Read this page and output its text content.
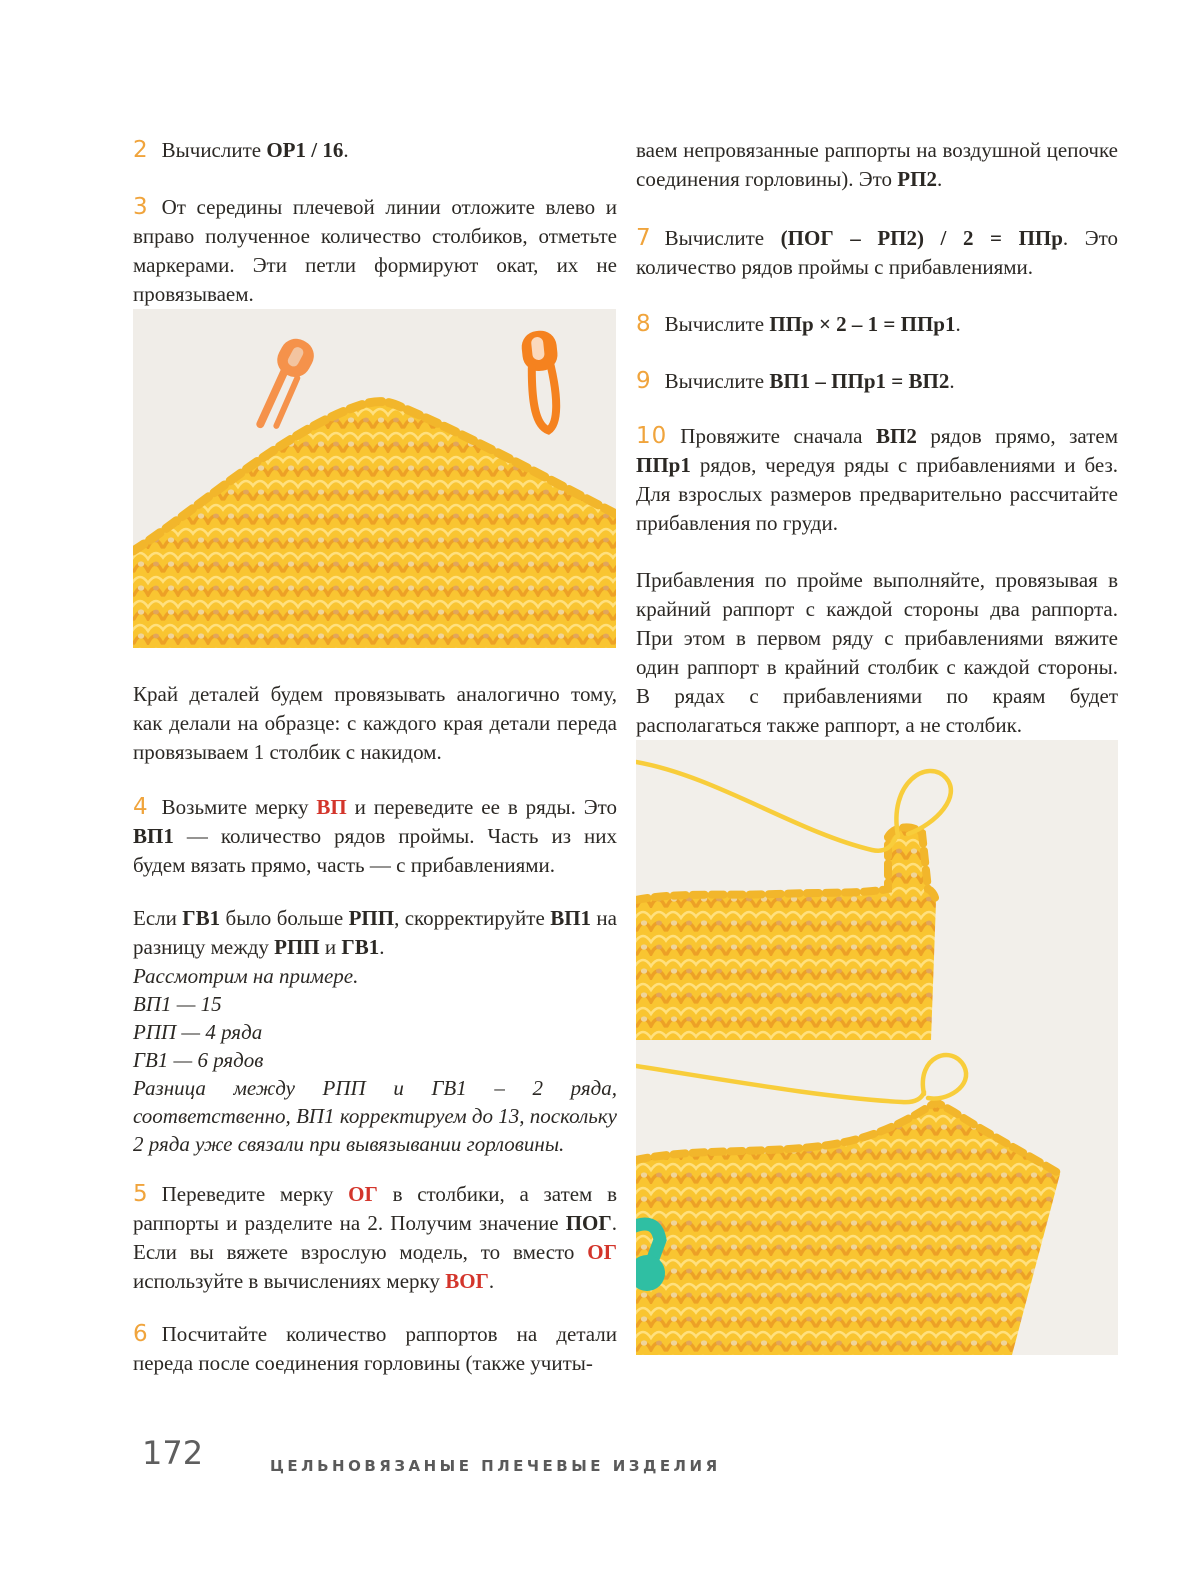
2 Вычислите ОР1 / 16.

3 От середины плечевой линии отложите влево и вправо полученное количество столбиков, отметьте маркерами. Эти петли формируют окат, их не провязываем.

Край деталей будем провязывать аналогично тому, как делали на образце: с каждого края детали переда провязываем 1 столбик с накидом.

4 Возьмите мерку ВП и переведите ее в ряды. Это ВП1 — количество рядов проймы. Часть из них будем вязать прямо, часть — с прибавлениями.

Если ГВ1 было больше РПП, скорректируйте ВП1 на разницу между РПП и ГВ1.

Рассмотрим на примере.

ВП1 — 15

РПП — 4 ряда

ГВ1 — 6 рядов

Разница между РПП и ГВ1 – 2 ряда, соответственно, ВП1 корректируем до 13, поскольку 2 ряда уже связали при вывязывании горловины.

5 Переведите мерку ОГ в столбики, а затем в раппорты и разделите на 2. Получим значение ПОГ. Если вы вяжете взрослую модель, то вместо ОГ используйте в вычислениях мерку ВОГ.

6 Посчитайте количество раппортов на детали переда после соединения горловины (также учиты-

ваем непровязанные раппорты на воздушной цепочке соединения горловины). Это РП2.

7 Вычислите (ПОГ – РП2) / 2 = ППр. Это количество рядов проймы с прибавлениями.

8 Вычислите ППр × 2 – 1 = ППр1.

9 Вычислите ВП1 – ППр1 = ВП2.

10 Провяжите сначала ВП2 рядов прямо, затем ППр1 рядов, чередуя ряды с прибавлениями и без. Для взрослых размеров предварительно рассчитайте прибавления по груди.

Прибавления по пройме выполняйте, провязывая в крайний раппорт с каждой стороны два раппорта. При этом в первом ряду с прибавлениями вяжите один раппорт в крайний столбик с каждой стороны. В рядах с прибавлениями по краям будет располагаться также раппорт, а не столбик.

172	ЦЕЛЬНОВЯЗАНЫЕ ПЛЕЧЕВЫЕ ИЗДЕЛИЯ
